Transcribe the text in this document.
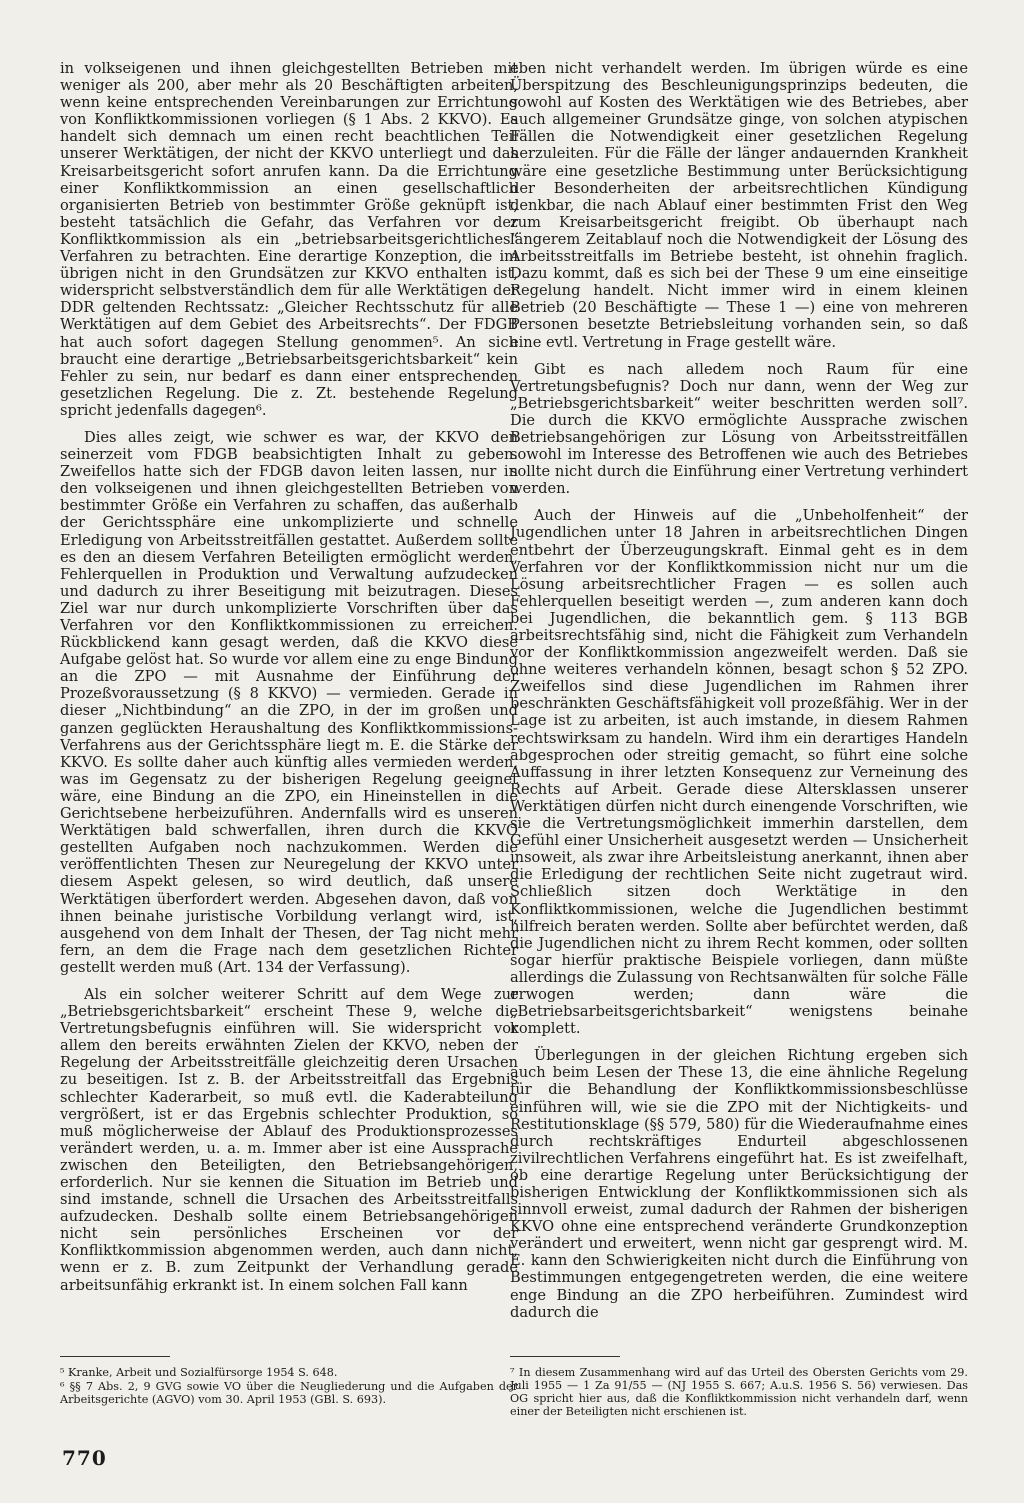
in volkseigenen und ihnen gleichgestellten Betrieben mit weniger als 200, aber mehr als 20 Beschäftigten arbeiten, wenn keine entsprechenden Vereinbarungen zur Errichtung von Konfliktkommissionen vorliegen (§ 1 Abs. 2 KKVO). Es handelt sich demnach um einen recht beachtlichen Teil unserer Werktätigen, der nicht der KKVO unterliegt und das Kreisarbeitsgericht sofort anrufen kann. Da die Errichtung einer Konfliktkommission an einen gesellschaftlich organisierten Betrieb von bestimmter Größe geknüpft ist, besteht tatsächlich die Gefahr, das Verfahren vor der Konfliktkommission als ein „betriebsarbeitsgerichtliches“ Verfahren zu betrachten. Eine derartige Konzeption, die im übrigen nicht in den Grundsätzen zur KKVO enthalten ist, widerspricht selbstverständlich dem für alle Werktätigen der DDR geltenden Rechtssatz: „Gleicher Rechtsschutz für alle Werktätigen auf dem Gebiet des Arbeitsrechts“. Der FDGB hat auch sofort dagegen Stellung genommen⁵. An sich braucht eine derartige „Betriebsarbeitsgerichtsbarkeit“ kein Fehler zu sein, nur bedarf es dann einer entsprechenden gesetzlichen Regelung. Die z. Zt. bestehende Regelung spricht jedenfalls dagegen⁶.

Dies alles zeigt, wie schwer es war, der KKVO den seinerzeit vom FDGB beabsichtigten Inhalt zu geben. Zweifellos hatte sich der FDGB davon leiten lassen, nur in den volkseigenen und ihnen gleichgestellten Betrieben von bestimmter Größe ein Verfahren zu schaffen, das außerhalb der Gerichtssphäre eine unkomplizierte und schnelle Erledigung von Arbeitsstreitfällen gestattet. Außerdem sollte es den an diesem Verfahren Beteiligten ermöglicht werden, Fehlerquellen in Produktion und Verwaltung aufzudecken und dadurch zu ihrer Beseitigung mit beizutragen. Dieses Ziel war nur durch unkomplizierte Vorschriften über das Verfahren vor den Konfliktkommissionen zu erreichen. Rückblickend kann gesagt werden, daß die KKVO diese Aufgabe gelöst hat. So wurde vor allem eine zu enge Bindung an die ZPO — mit Ausnahme der Einführung der Prozeßvoraussetzung (§ 8 KKVO) — vermieden. Gerade in dieser „Nichtbindung“ an die ZPO, in der im großen und ganzen geglückten Heraushaltung des Konfliktkommissions-Verfahrens aus der Gerichtssphäre liegt m. E. die Stärke der KKVO. Es sollte daher auch künftig alles vermieden werden, was im Gegensatz zu der bisherigen Regelung geeignet wäre, eine Bindung an die ZPO, ein Hineinstellen in die Gerichtsebene herbeizuführen. Andernfalls wird es unseren Werktätigen bald schwerfallen, ihren durch die KKVO gestellten Aufgaben noch nachzukommen. Werden die veröffentlichten Thesen zur Neuregelung der KKVO unter diesem Aspekt gelesen, so wird deutlich, daß unsere Werktätigen überfordert werden. Abgesehen davon, daß von ihnen beinahe juristische Vorbildung verlangt wird, ist, ausgehend von dem Inhalt der Thesen, der Tag nicht mehr fern, an dem die Frage nach dem gesetzlichen Richter gestellt werden muß (Art. 134 der Verfassung).

Als ein solcher weiterer Schritt auf dem Wege zur „Betriebsgerichtsbarkeit“ erscheint These 9, welche die Vertretungsbefugnis einführen will. Sie widerspricht vor allem den bereits erwähnten Zielen der KKVO, neben der Regelung der Arbeitsstreitfälle gleichzeitig deren Ursachen zu beseitigen. Ist z. B. der Arbeitsstreitfall das Ergebnis schlechter Kaderarbeit, so muß evtl. die Kaderabteilung vergrößert, ist er das Ergebnis schlechter Produktion, so muß möglicherweise der Ablauf des Produktionsprozesses verändert werden, u. a. m. Immer aber ist eine Aussprache zwischen den Beteiligten, den Betriebsangehörigen, erforderlich. Nur sie kennen die Situation im Betrieb und sind imstande, schnell die Ursachen des Arbeitsstreitfalls aufzudecken. Deshalb sollte einem Betriebsangehörigen nicht sein persönliches Erscheinen vor der Konfliktkommission abgenommen werden, auch dann nicht, wenn er z. B. zum Zeitpunkt der Verhandlung gerade arbeitsunfähig erkrankt ist. In einem solchen Fall kann

eben nicht verhandelt werden. Im übrigen würde es eine Überspitzung des Beschleunigungsprinzips bedeuten, die sowohl auf Kosten des Werktätigen wie des Betriebes, aber auch allgemeiner Grundsätze ginge, von solchen atypischen Fällen die Notwendigkeit einer gesetzlichen Regelung herzuleiten. Für die Fälle der länger andauernden Krankheit wäre eine gesetzliche Bestimmung unter Berücksichtigung der Besonderheiten der arbeitsrechtlichen Kündigung denkbar, die nach Ablauf einer bestimmten Frist den Weg zum Kreisarbeitsgericht freigibt. Ob überhaupt nach längerem Zeitablauf noch die Notwendigkeit der Lösung des Arbeitsstreitfalls im Betriebe besteht, ist ohnehin fraglich. Dazu kommt, daß es sich bei der These 9 um eine einseitige Regelung handelt. Nicht immer wird in einem kleinen Betrieb (20 Beschäftigte — These 1 —) eine von mehreren Personen besetzte Betriebsleitung vorhanden sein, so daß eine evtl. Vertretung in Frage gestellt wäre.

Gibt es nach alledem noch Raum für eine Vertretungsbefugnis? Doch nur dann, wenn der Weg zur „Betriebsgerichtsbarkeit“ weiter beschritten werden soll⁷. Die durch die KKVO ermöglichte Aussprache zwischen Betriebsangehörigen zur Lösung von Arbeitsstreitfällen sowohl im Interesse des Betroffenen wie auch des Betriebes sollte nicht durch die Einführung einer Vertretung verhindert werden.

Auch der Hinweis auf die „Unbeholfenheit“ der Jugendlichen unter 18 Jahren in arbeitsrechtlichen Dingen entbehrt der Überzeugungskraft. Einmal geht es in dem Verfahren vor der Konfliktkommission nicht nur um die Lösung arbeitsrechtlicher Fragen — es sollen auch Fehlerquellen beseitigt werden —, zum anderen kann doch bei Jugendlichen, die bekanntlich gem. § 113 BGB arbeitsrechtsfähig sind, nicht die Fähigkeit zum Verhandeln vor der Konfliktkommission angezweifelt werden. Daß sie ohne weiteres verhandeln können, besagt schon § 52 ZPO. Zweifellos sind diese Jugendlichen im Rahmen ihrer beschränkten Geschäftsfähigkeit voll prozeßfähig. Wer in der Lage ist zu arbeiten, ist auch imstande, in diesem Rahmen rechtswirksam zu handeln. Wird ihm ein derartiges Handeln abgesprochen oder streitig gemacht, so führt eine solche Auffassung in ihrer letzten Konsequenz zur Verneinung des Rechts auf Arbeit. Gerade diese Altersklassen unserer Werktätigen dürfen nicht durch einengende Vorschriften, wie sie die Vertretungsmöglichkeit immerhin darstellen, dem Gefühl einer Unsicherheit ausgesetzt werden — Unsicherheit insoweit, als zwar ihre Arbeitsleistung anerkannt, ihnen aber die Erledigung der rechtlichen Seite nicht zugetraut wird. Schließlich sitzen doch Werktätige in den Konfliktkommissionen, welche die Jugendlichen bestimmt hilfreich beraten werden. Sollte aber befürchtet werden, daß die Jugendlichen nicht zu ihrem Recht kommen, oder sollten sogar hierfür praktische Beispiele vorliegen, dann müßte allerdings die Zulassung von Rechtsanwälten für solche Fälle erwogen werden; dann wäre die „Betriebsarbeitsgerichtsbarkeit“ wenigstens beinahe komplett.

Überlegungen in der gleichen Richtung ergeben sich auch beim Lesen der These 13, die eine ähnliche Regelung für die Behandlung der Konfliktkommissionsbeschlüsse einführen will, wie sie die ZPO mit der Nichtigkeits- und Restitutionsklage (§§ 579, 580) für die Wiederaufnahme eines durch rechtskräftiges Endurteil abgeschlossenen zivilrechtlichen Verfahrens eingeführt hat. Es ist zweifelhaft, ob eine derartige Regelung unter Berücksichtigung der bisherigen Entwicklung der Konfliktkommissionen sich als sinnvoll erweist, zumal dadurch der Rahmen der bisherigen KKVO ohne eine entsprechend veränderte Grundkonzeption verändert und erweitert, wenn nicht gar gesprengt wird. M. E. kann den Schwierigkeiten nicht durch die Einführung von Bestimmungen entgegengetreten werden, die eine weitere enge Bindung an die ZPO herbeiführen. Zumindest wird dadurch die

⁵ Kranke, Arbeit und Sozialfürsorge 1954 S. 648.

⁶ §§ 7 Abs. 2, 9 GVG sowie VO über die Neugliederung und die Aufgaben der Arbeitsgerichte (AGVO) vom 30. April 1953 (GBl. S. 693).

⁷ In diesem Zusammenhang wird auf das Urteil des Obersten Gerichts vom 29. Juli 1955 — 1 Za 91/55 — (NJ 1955 S. 667; A.u.S. 1956 S. 56) verwiesen. Das OG spricht hier aus, daß die Konfliktkommission nicht verhandeln darf, wenn einer der Beteiligten nicht erschienen ist.

770
